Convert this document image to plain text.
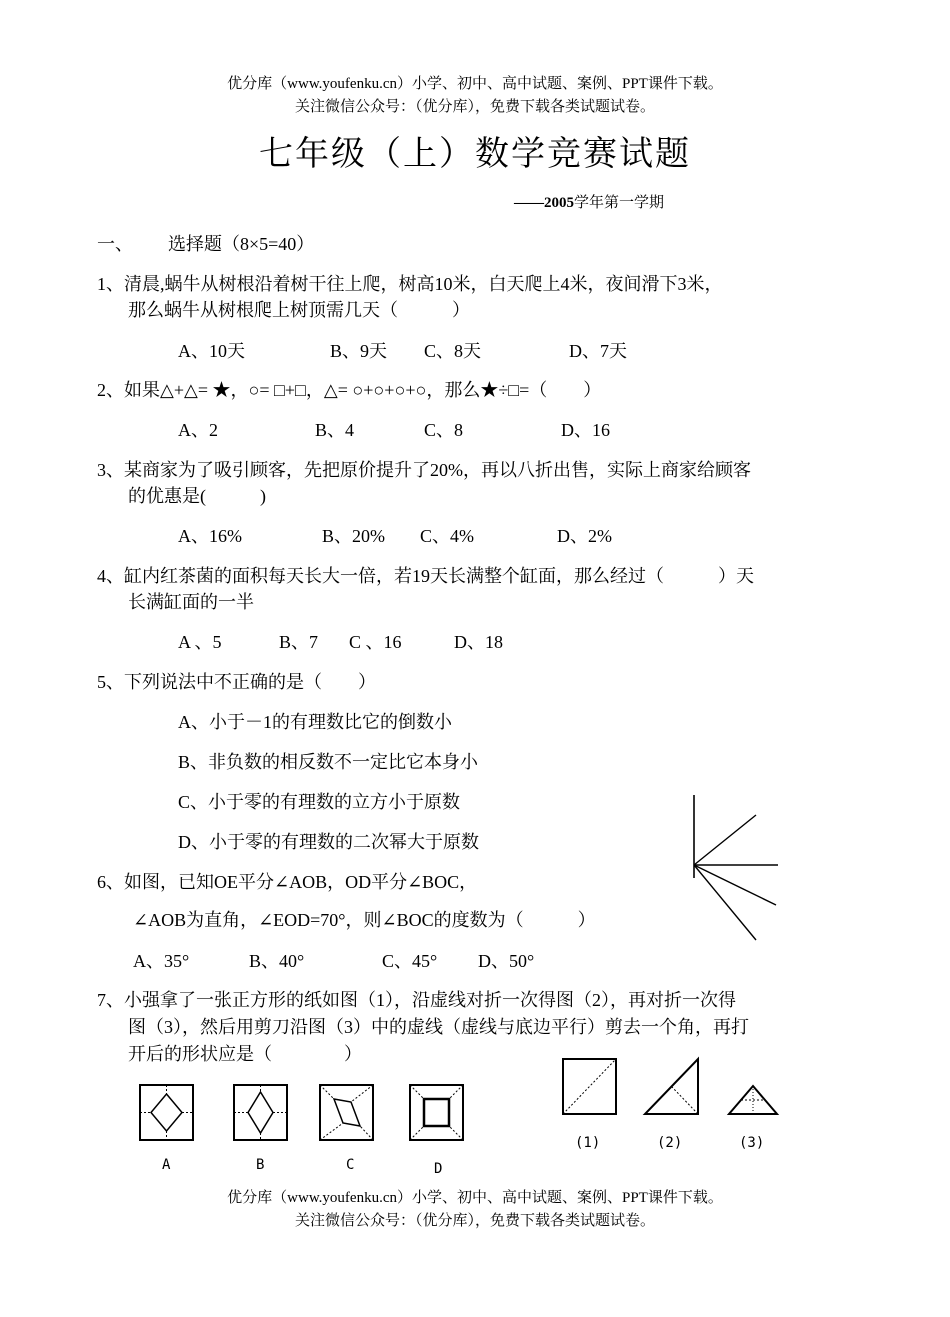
优分库（www.youfenku.cn）小学、初中、高中试题、案例、PPT课件下载。
关注微信公众号：（优分库），免费下载各类试题试卷。
七年级（上）数学竞赛试题
——2005学年第一学期
一、 选择题（8×5=40）
1、清晨,蜗牛从树根沿着树干往上爬，树高10米，白天爬上4米，夜间滑下3米，
那么蜗牛从树根爬上树顶需几天（　　　）
A、10天	B、9天 C、8天	D、7天
2、如果△+△= ★，○= □+□，△= ○+○+○+○，那么★÷□=（　　）
A、2	B、4	C、8	D、16
3、某商家为了吸引顾客，先把原价提升了20%，再以八折出售，实际上商家给顾客
的优惠是(　　　)
A、16%	B、20% C、4%	D、2%
4、缸内红茶菌的面积每天长大一倍，若19天长满整个缸面，那么经过（　　　）天
长满缸面的一半
A 、5	B、7 C 、16	D、18
5、下列说法中不正确的是（　　）
A、小于－1的有理数比它的倒数小
B、非负数的相反数不一定比它本身小
C、小于零的有理数的立方小于原数
D、小于零的有理数的二次幂大于原数
6、如图，已知OE平分∠AOB，OD平分∠BOC，
∠AOB为直角，∠EOD=70°，则∠BOC的度数为（　　　）
A、35°	B、40°	C、45° D、50°
7、小强拿了一张正方形的纸如图（1），沿虚线对折一次得图（2），再对折一次得
图（3），然后用剪刀沿图（3）中的虚线（虚线与底边平行）剪去一个角，再打
开后的形状应是（　　　　）
A	B	C	D
(1)	(2)	(3)
优分库（www.youfenku.cn）小学、初中、高中试题、案例、PPT课件下载。
关注微信公众号：（优分库），免费下载各类试题试卷。
